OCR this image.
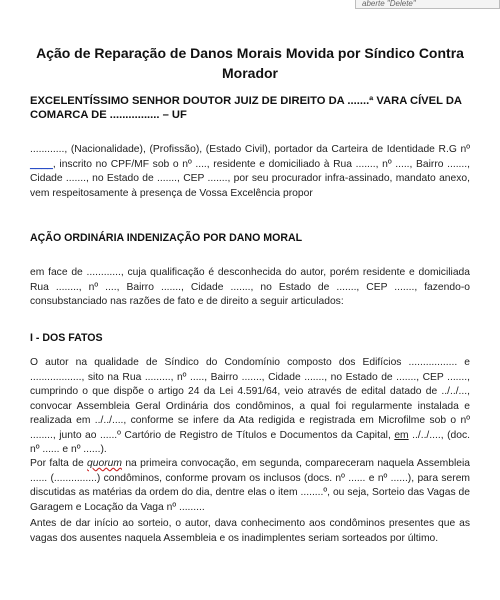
aberte "Delete"
Ação de Reparação de Danos Morais Movida por Síndico Contra Morador

EXCELENTÍSSIMO SENHOR DOUTOR JUIZ DE DIREITO DA .......ª VARA CÍVEL DA COMARCA DE ................ – UF

............, (Nacionalidade), (Profissão), (Estado Civil), portador da Carteira de Identidade R.G nº ____, inscrito no CPF/MF sob o nº ...., residente e domiciliado à Rua ......., nº ....., Bairro ......., Cidade ......., no Estado de ......., CEP ......., por seu procurador infra-assinado, mandato anexo, vem respeitosamente à presença de Vossa Excelência propor

AÇÃO ORDINÁRIA INDENIZAÇÃO POR DANO MORAL

em face de ............, cuja qualificação é desconhecida do autor, porém residente e domiciliada Rua ........, nº ...., Bairro ......., Cidade ......., no Estado de ......., CEP ......., fazendo-o consubstanciado nas razões de fato e de direito a seguir articulados:

I - DOS FATOS

O autor na qualidade de Síndico do Condomínio composto dos Edifícios ................. e .................., sito na Rua ........., nº ....., Bairro ......., Cidade ......., no Estado de ......., CEP ......., cumprindo o que dispõe o artigo 24 da Lei 4.591/64, veio através de edital datado de ../../..., convocar Assembleia Geral Ordinária dos condôminos, a qual foi regularmente instalada e realizada em ../../...., conforme se infere da Ata redigida e registrada em Microfilme sob o nº ........, junto ao ......º Cartório de Registro de Títulos e Documentos da Capital, em ../../...., (doc. nº ...... e nº ......).

Por falta de quorum na primeira convocação, em segunda, compareceram naquela Assembleia ...... (...............) condôminos, conforme provam os inclusos (docs. nº ...... e nº ......), para serem discutidas as matérias da ordem do dia, dentre elas o item ........º, ou seja, Sorteio das Vagas de Garagem e Locação da Vaga nº .........

Antes de dar início ao sorteio, o autor, dava conhecimento aos condôminos presentes que as vagas dos ausentes naquela Assembleia e os inadimplentes seriam sorteados por último.
